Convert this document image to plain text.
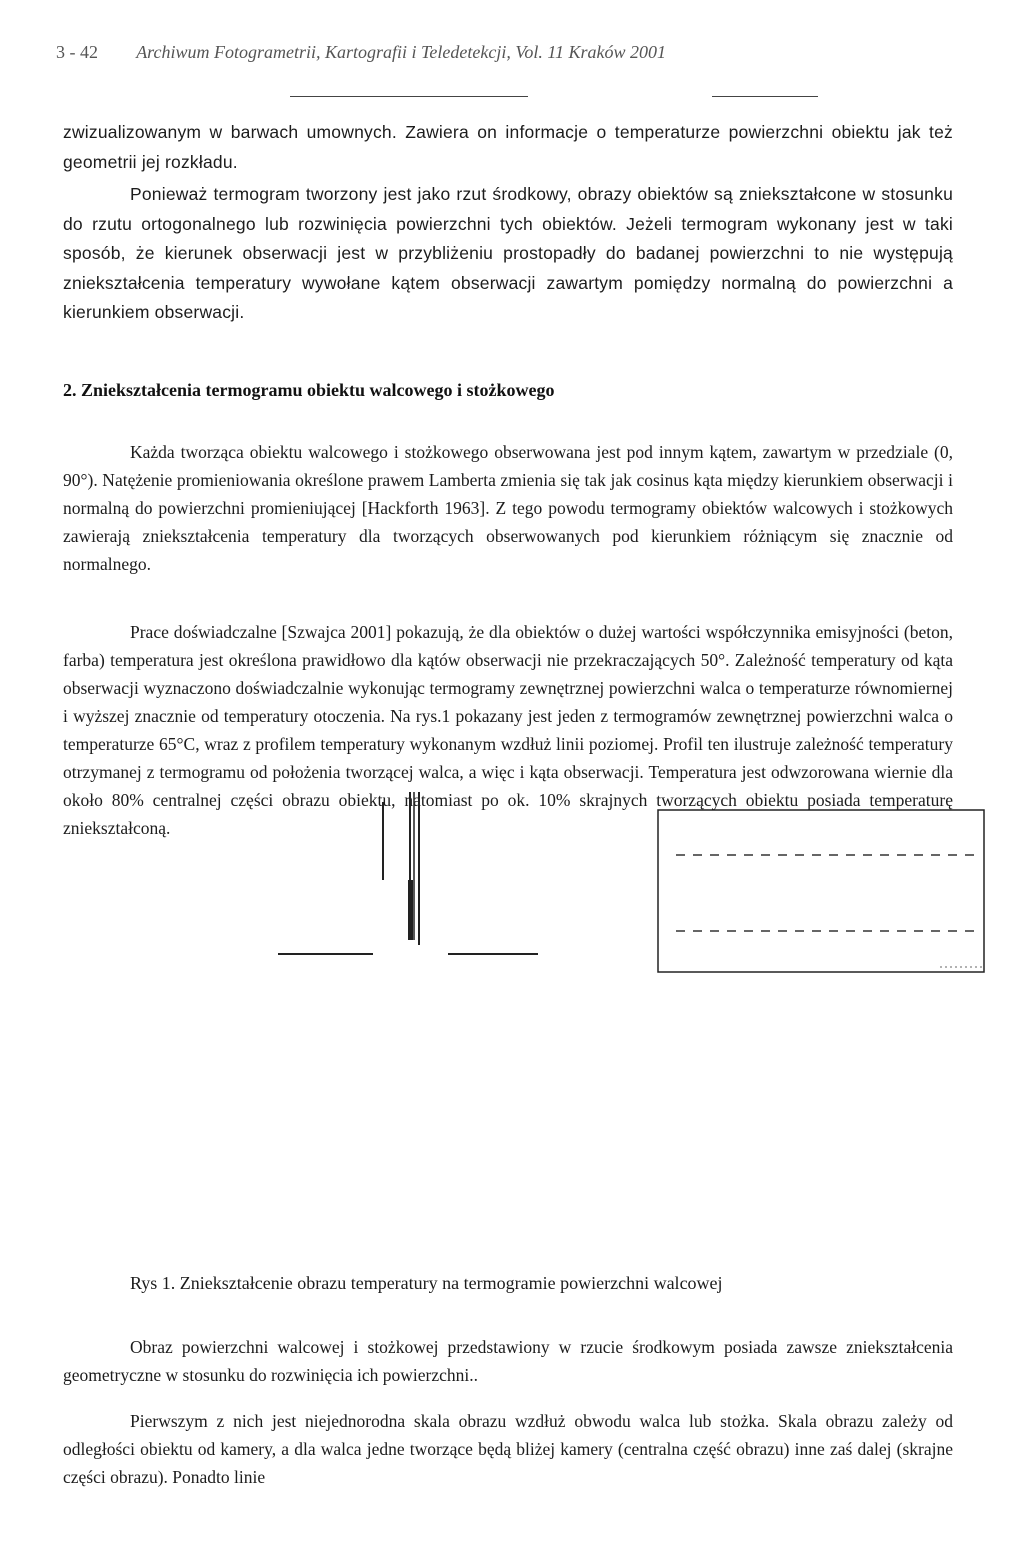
3 - 42 Archiwum Fotogrametrii, Kartografii i Teledetekcji, Vol. 11 Kraków 2001

zwizualizowanym w barwach umownych. Zawiera on informacje o temperaturze powierzchni obiektu jak też geometrii jej rozkładu.

Ponieważ termogram tworzony jest jako rzut środkowy, obrazy obiektów są zniekształcone w stosunku do rzutu ortogonalnego lub rozwinięcia powierzchni tych obiektów. Jeżeli termogram wykonany jest w taki sposób, że kierunek obserwacji jest w przybliżeniu prostopadły do badanej powierzchni to nie występują zniekształcenia temperatury wywołane kątem obserwacji zawartym pomiędzy normalną do powierzchni a kierunkiem obserwacji.

2. Zniekształcenia termogramu obiektu walcowego i stożkowego

Każda tworząca obiektu walcowego i stożkowego obserwowana jest pod innym kątem, zawartym w przedziale (0, 90°). Natężenie promieniowania określone prawem Lamberta zmienia się tak jak cosinus kąta między kierunkiem obserwacji i normalną do powierzchni promieniującej [Hackforth 1963]. Z tego powodu termogramy obiektów walcowych i stożkowych zawierają zniekształcenia temperatury dla tworzących obserwowanych pod kierunkiem różniącym się znacznie od normalnego.

Prace doświadczalne [Szwajca 2001] pokazują, że dla obiektów o dużej wartości współczynnika emisyjności (beton, farba) temperatura jest określona prawidłowo dla kątów obserwacji nie przekraczających 50°. Zależność temperatury od kąta obserwacji wyznaczono doświadczalnie wykonując termogramy zewnętrznej powierzchni walca o temperaturze równomiernej i wyższej znacznie od temperatury otoczenia. Na rys.1 pokazany jest jeden z termogramów zewnętrznej powierzchni walca o temperaturze 65°C, wraz z profilem temperatury wykonanym wzdłuż linii poziomej. Profil ten ilustruje zależność temperatury otrzymanej z termogramu od położenia tworzącej walca, a więc i kąta obserwacji. Temperatura jest odwzorowana wiernie dla około 80% centralnej części obrazu obiektu, natomiast po ok. 10% skrajnych tworzących obiektu posiada temperaturę zniekształconą.

Rys 1. Zniekształcenie obrazu temperatury na termogramie powierzchni walcowej

Obraz powierzchni walcowej i stożkowej przedstawiony w rzucie środkowym posiada zawsze zniekształcenia geometryczne w stosunku do rozwinięcia ich powierzchni..

Pierwszym z nich jest niejednorodna skala obrazu wzdłuż obwodu walca lub stożka. Skala obrazu zależy od odległości obiektu od kamery, a dla walca jedne tworzące będą bliżej kamery (centralna część obrazu) inne zaś dalej (skrajne części obrazu). Ponadto linie
